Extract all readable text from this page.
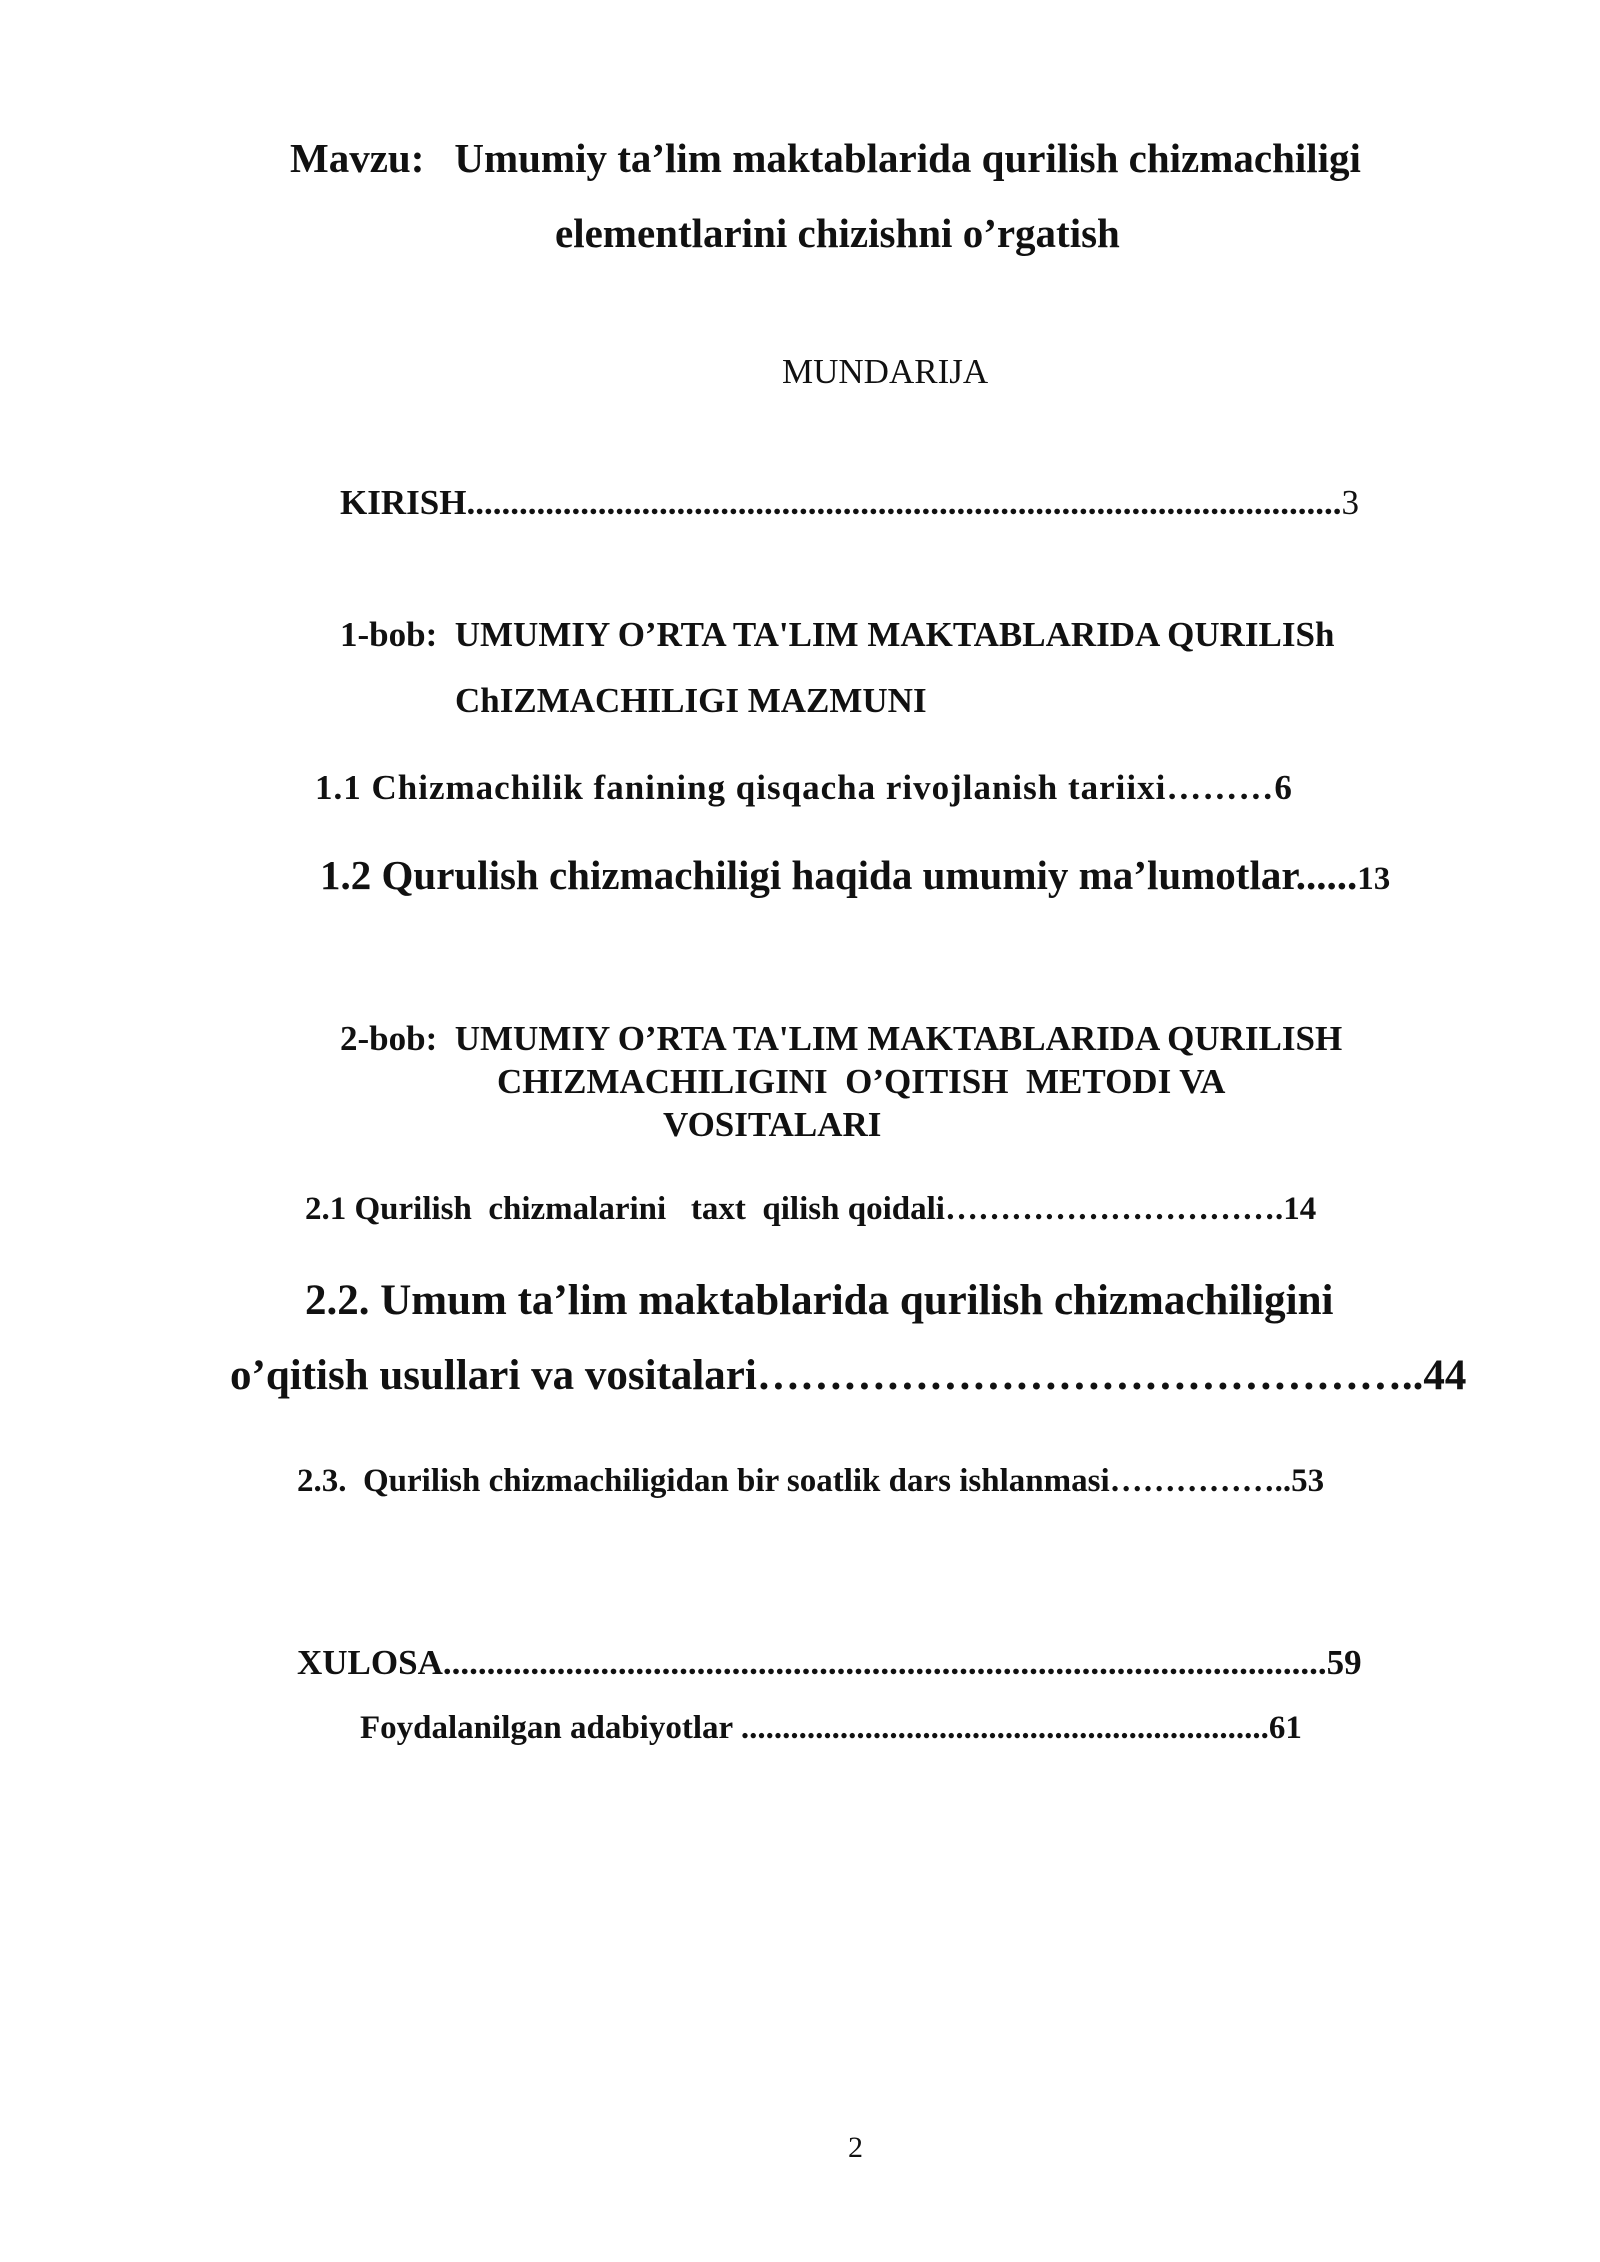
Mavzu: Umumiy ta’lim maktablarida qurilish chizmachiligi
elementlarini chizishni o’rgatish
MUNDARIJA
KIRISH....................................................................................................3
1-bob:  UMUMIY O’RTA TA'LIM MAKTABLARIDA QURILISh
ChIZMACHILIGI MAZMUNI
1.1 Chizmachilik fanining qisqacha rivojlanish tariixi………6
1.2 Qurulish chizmachiligi haqida umumiy ma’lumotlar......13
2-bob:  UMUMIY O’RTA TA'LIM MAKTABLARIDA QURILISH
CHIZMACHILIGINI  O’QITISH  METODI VA
VOSITALARI
2.1 Qurilish  chizmalarini   taxt  qilish qoidali………………………….14
2.2. Umum ta’lim maktablarida qurilish chizmachiligini
o’qitish usullari va vositalari………………………………………..44
2.3.  Qurilish chizmachiligidan bir soatlik dars ishlanmasi……………..53
XULOSA.....................................................................................................59
Foydalanilgan adabiyotlar ................................................................61
2
